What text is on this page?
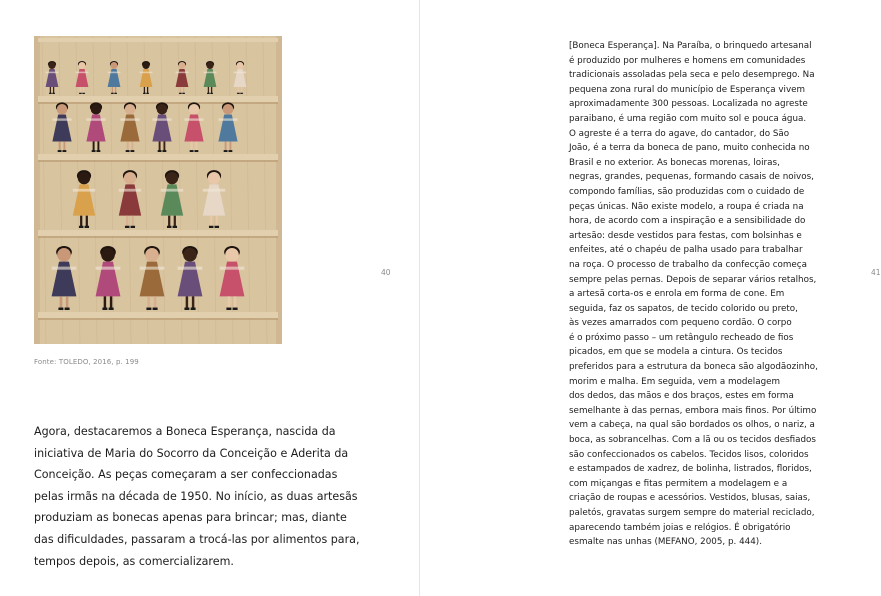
Fonte: TOLEDO, 2016, p. 199
Agora, destacaremos a Boneca Esperança, nascida da
iniciativa de Maria do Socorro da Conceição e Aderita da
Conceição. As peças começaram a ser confeccionadas
pelas irmãs na década de 1950. No início, as duas artesãs
produziam as bonecas apenas para brincar; mas, diante
das dificuldades, passaram a trocá-las por alimentos para,
tempos depois, as comercializarem.
40	41
[Boneca Esperança]. Na Paraíba, o brinquedo artesanal
é produzido por mulheres e homens em comunidades
tradicionais assoladas pela seca e pelo desemprego. Na
pequena zona rural do município de Esperança vivem
aproximadamente 300 pessoas. Localizada no agreste
paraibano, é uma região com muito sol e pouca água.
O agreste é a terra do agave, do cantador, do São
João, é a terra da boneca de pano, muito conhecida no
Brasil e no exterior. As bonecas morenas, loiras,
negras, grandes, pequenas, formando casais de noivos,
compondo famílias, são produzidas com o cuidado de
peças únicas. Não existe modelo, a roupa é criada na
hora, de acordo com a inspiração e a sensibilidade do
artesão: desde vestidos para festas, com bolsinhas e
enfeites, até o chapéu de palha usado para trabalhar
na roça. O processo de trabalho da confecção começa
sempre pelas pernas. Depois de separar vários retalhos,
a artesã corta-os e enrola em forma de cone. Em
seguida, faz os sapatos, de tecido colorido ou preto,
às vezes amarrados com pequeno cordão. O corpo
é o próximo passo – um retângulo recheado de fios
picados, em que se modela a cintura. Os tecidos
preferidos para a estrutura da boneca são algodãozinho,
morim e malha. Em seguida, vem a modelagem
dos dedos, das mãos e dos braços, estes em forma
semelhante à das pernas, embora mais finos. Por último
vem a cabeça, na qual são bordados os olhos, o nariz, a
boca, as sobrancelhas. Com a lã ou os tecidos desfiados
são confeccionados os cabelos. Tecidos lisos, coloridos
e estampados de xadrez, de bolinha, listrados, floridos,
com miçangas e fitas permitem a modelagem e a
criação de roupas e acessórios. Vestidos, blusas, saias,
paletós, gravatas surgem sempre do material reciclado,
aparecendo também joias e relógios. É obrigatório
esmalte nas unhas (MEFANO, 2005, p. 444).
